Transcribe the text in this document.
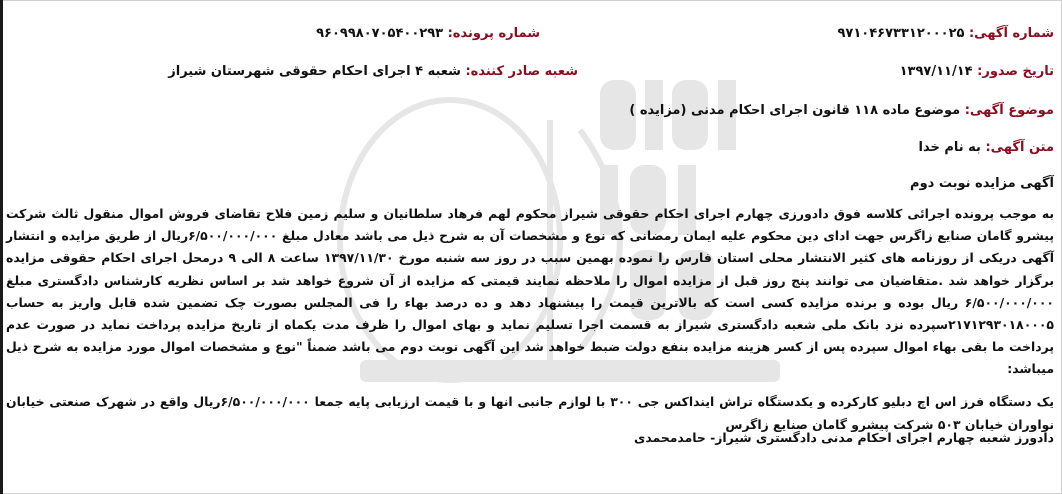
شماره آگهی: ۹۷۱۰۴۶۷۳۳۱۲۰۰۰۲۵
شماره پرونده: ۹۶۰۹۹۸۰۷۰۵۴۰۰۲۹۳
تاریخ صدور: ۱۳۹۷/۱۱/۱۴
شعبه صادر کننده: شعبه ۴ اجرای احکام حقوقی شهرستان شیراز
موضوع آگهی: موضوع ماده ۱۱۸ قانون اجرای احکام مدنی (مزایده )
متن آگهی: به نام خدا
آگهی مزایده نوبت دوم

به موجب پرونده اجرائی کلاسه فوق دادورزی چهارم اجرای احکام حقوقی شیراز محکوم لهم فرهاد سلطانیان و سلیم زمین فلاح تقاضای فروش اموال منقول ثالث شرکت پیشرو گامان صنایع زاگرس جهت ادای دین محکوم علیه ایمان رمضانی که نوع و مشخصات آن به شرح ذیل می باشد معادل مبلغ ۶/۵۰۰/۰۰۰/۰۰۰ریال از طریق مزایده و انتشار آگهی دریکی از روزنامه های کثیر الانتشار محلی استان فارس را نموده بهمین سبب در روز سه شنبه مورخ ۱۳۹۷/۱۱/۳۰ ساعت ۸ الی ۹ درمحل اجرای احکام حقوقی مزایده برگزار خواهد شد .متقاضیان می توانند پنج روز قبل از مزایده اموال را ملاحظه نمایند قیمتی که مزایده از آن شروع خواهد شد بر اساس نظریه کارشناس دادگستری مبلغ ۶/۵۰۰/۰۰۰/۰۰۰ ریال بوده و برنده مزایده کسی است که بالاترین قیمت را پیشنهاد دهد و ده درصد بهاء را فی المجلس بصورت چک تضمین شده قابل واریز به حساب ۲۱۷۱۲۹۳۰۱۸۰۰۰۵سپرده نزد بانک ملی شعبه دادگستری شیراز به قسمت اجرا تسلیم نماید و بهای اموال را ظرف مدت یکماه از تاریخ مزایده پرداخت نماید در صورت عدم پرداخت ما بقی بهاء اموال سپرده پس از کسر هزینه مزایده بنفع دولت ضبط خواهد شد این آگهی نوبت دوم می باشد ضمناً "نوع و مشخصات اموال مورد مزایده به شرح ذیل میباشد:

یک دستگاه فرز اس اچ دبلیو کارکرده و یکدستگاه تراش اینداکس جی ۳۰۰ با لوازم جانبی انها و با قیمت ارزیابی پایه جمعا ۶/۵۰۰/۰۰۰/۰۰۰ریال واقع در شهرک صنعتی خیابان نواوران خیابان ۵۰۳ شرکت پیشرو گامان صنایع زاگرس

دادورز شعبه چهارم اجرای احکام مدنی دادگستری شیراز- حامدمحمدی
